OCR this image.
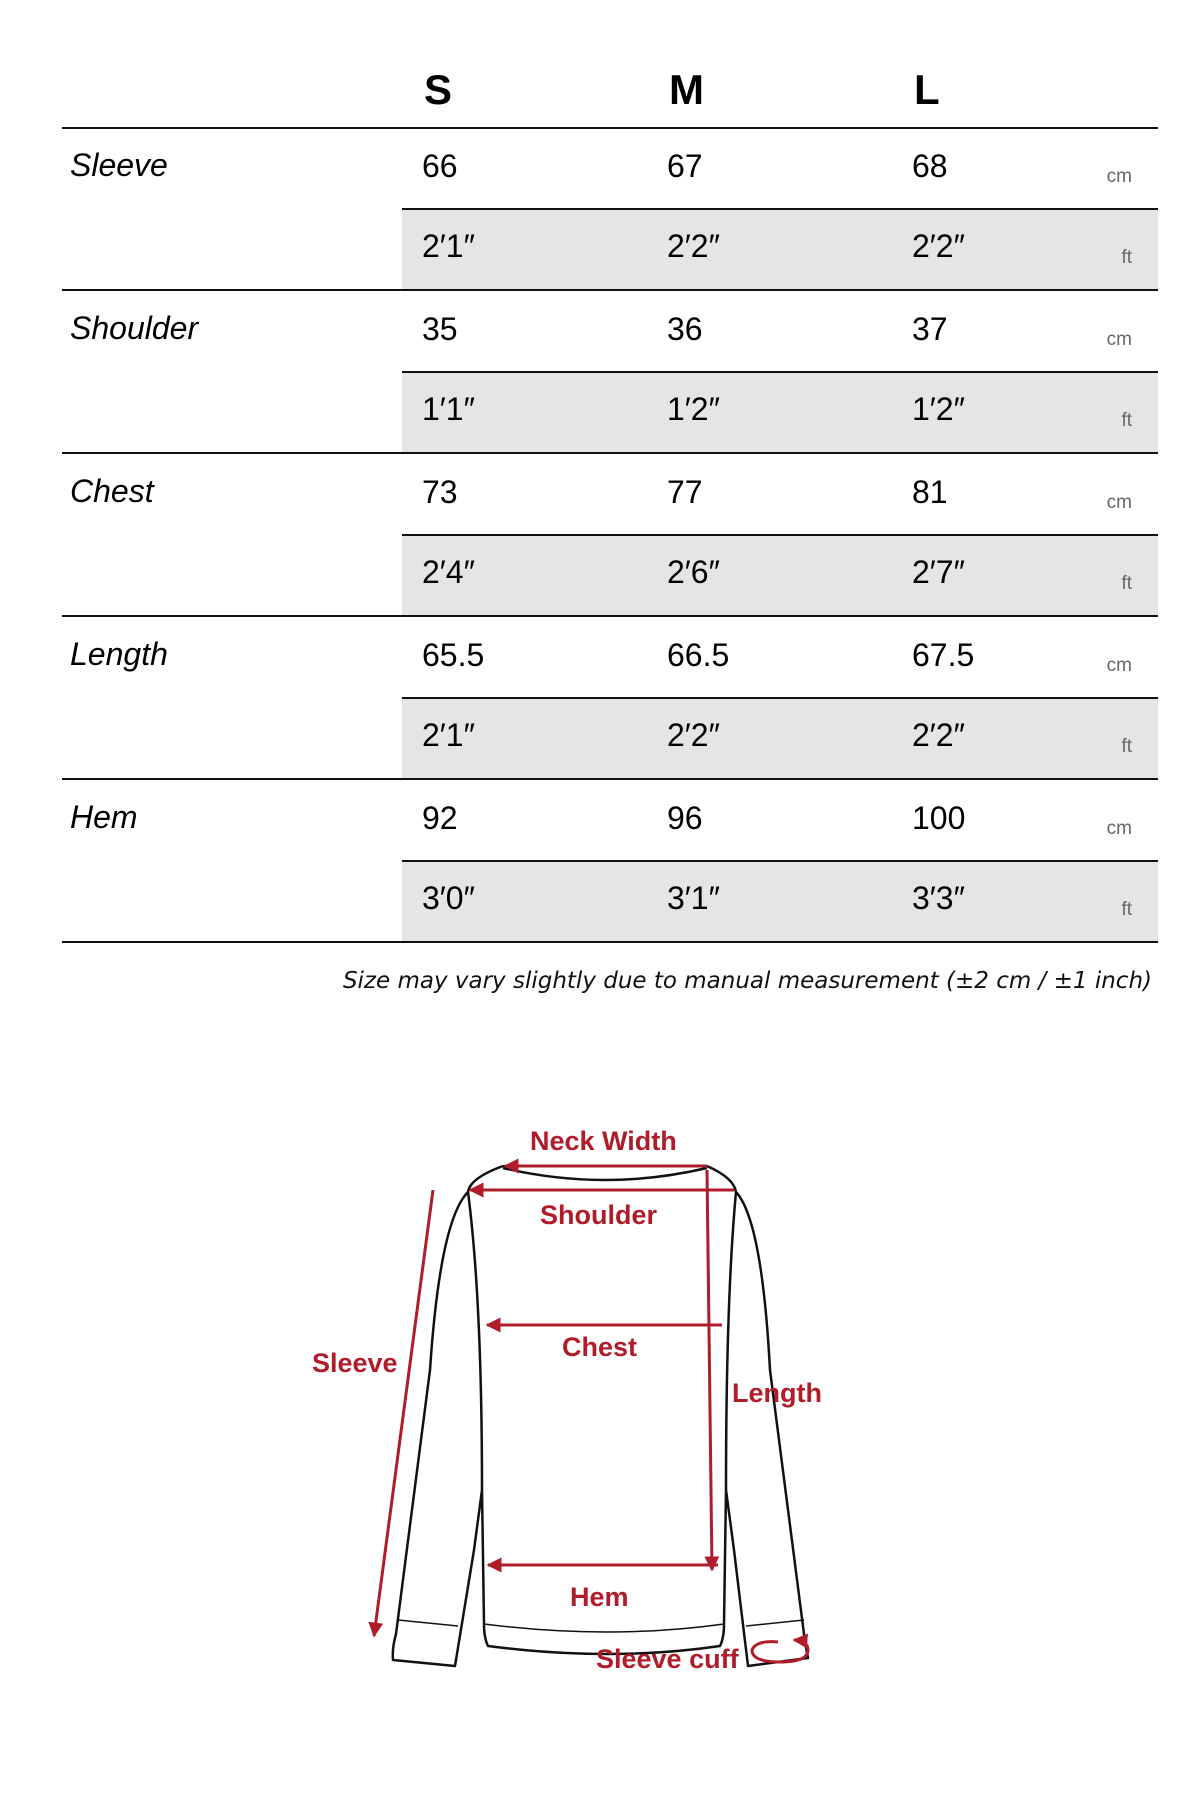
S	M	L
Sleeve	66	67	68	cm
2′1″	2′2″	2′2″	ft
Shoulder	35	36	37	cm
1′1″	1′2″	1′2″	ft
Chest	73	77	81	cm
2′4″	2′6″	2′7″	ft
Length	65.5	66.5	67.5	cm
2′1″	2′2″	2′2″	ft
Hem	92	96	100	cm
3′0″	3′1″	3′3″	ft
Size may vary slightly due to manual measurement (±2 cm / ±1 inch)
Neck Width
Shoulder
Chest
Sleeve
Length
Hem
Sleeve cuff
